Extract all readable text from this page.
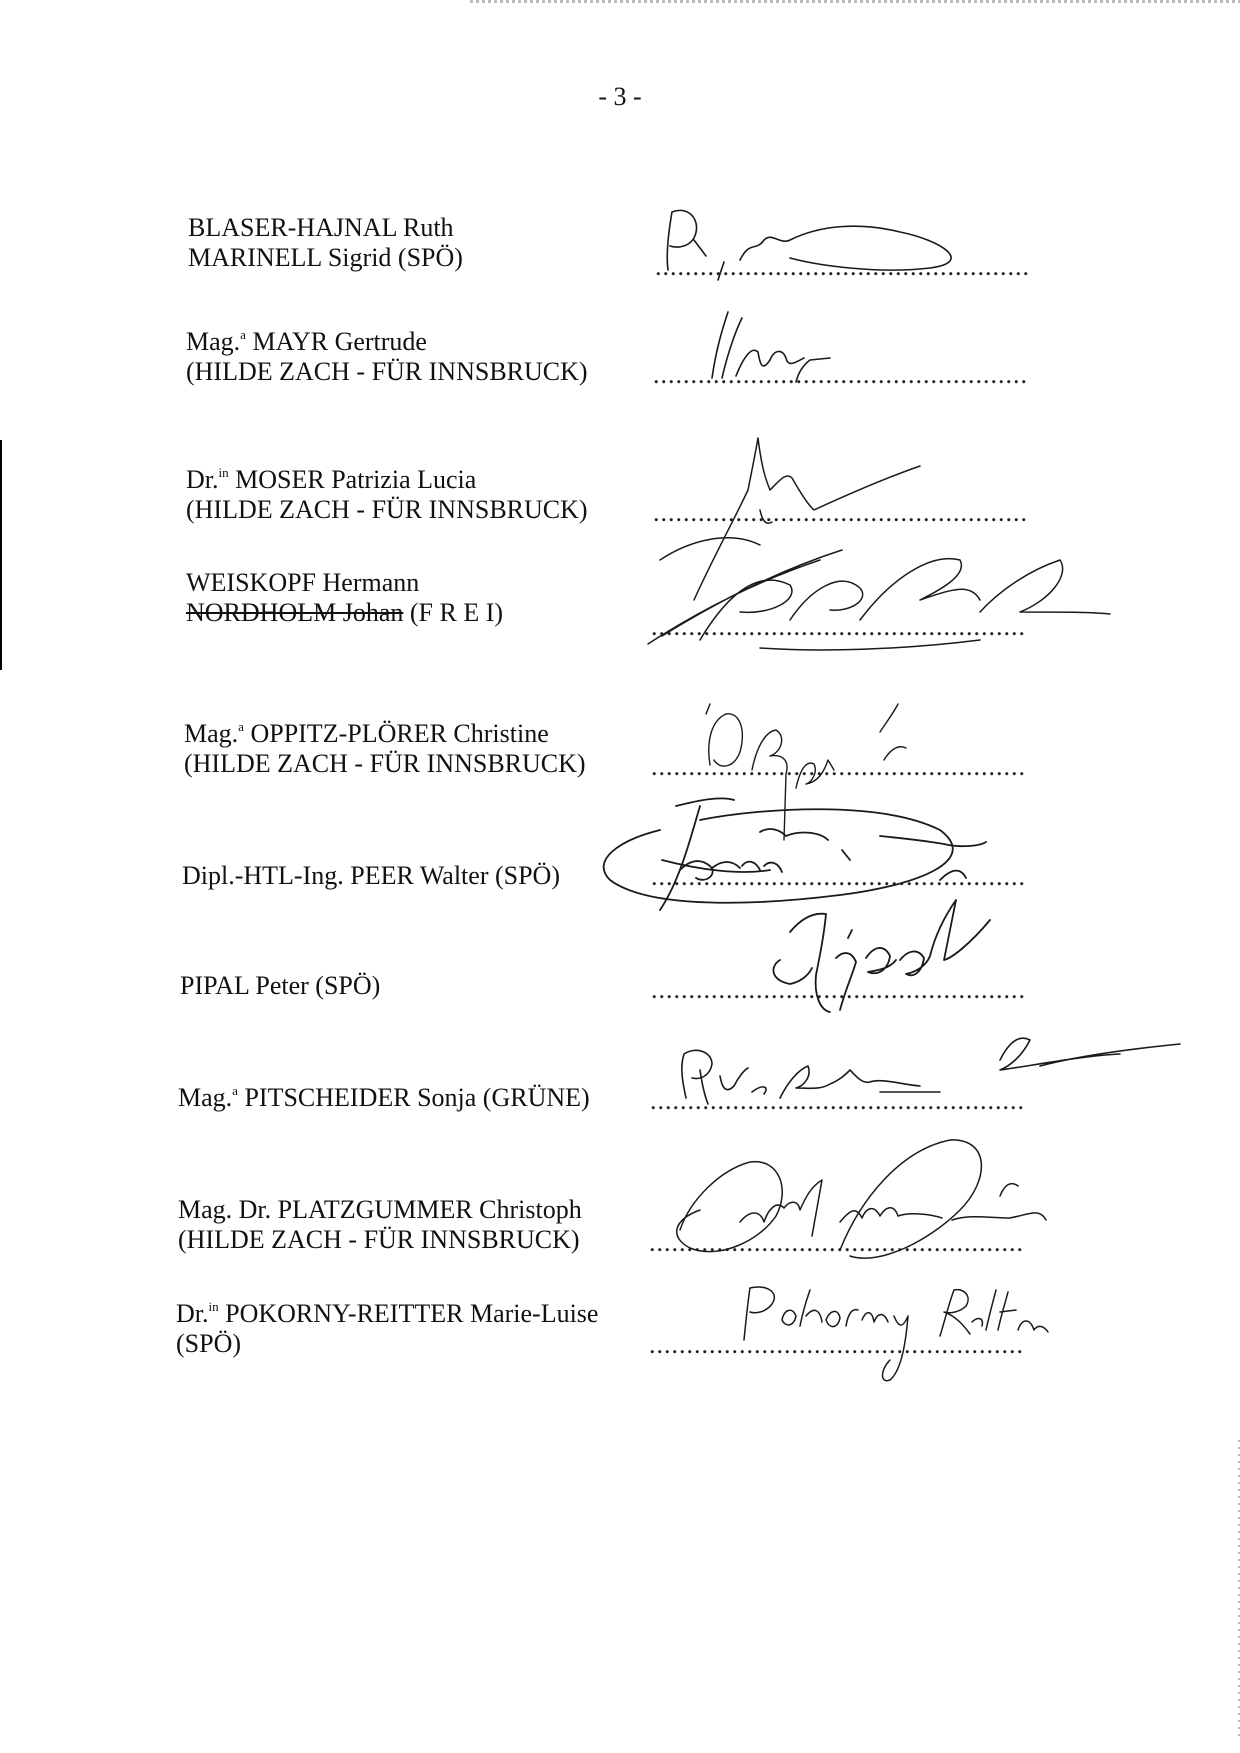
- 3 -
BLASER-HAJNAL Ruth
MARINELL Sigrid (SPÖ)	..................................................
Mag.$^a$ MAYR Gertrude
(HILDE ZACH - FÜR INNSBRUCK)	..................................................
Dr.$^{in}$ MOSER Patrizia Lucia
(HILDE ZACH - FÜR INNSBRUCK)	..................................................
WEISKOPF Hermann
NORDHOLM Johan (F R E I)	..................................................
Mag.$^a$ OPPITZ-PLÖRER Christine
(HILDE ZACH - FÜR INNSBRUCK)	..................................................
Dipl.-HTL-Ing. PEER Walter (SPÖ)	..................................................
PIPAL Peter (SPÖ)	..................................................
Mag.$^a$ PITSCHEIDER Sonja (GRÜNE) ..................................................
Mag. Dr. PLATZGUMMER Christoph
(HILDE ZACH - FÜR INNSBRUCK)	..................................................
Dr.$^{in}$ POKORNY-REITTER Marie-Luise
(SPÖ)	..................................................
